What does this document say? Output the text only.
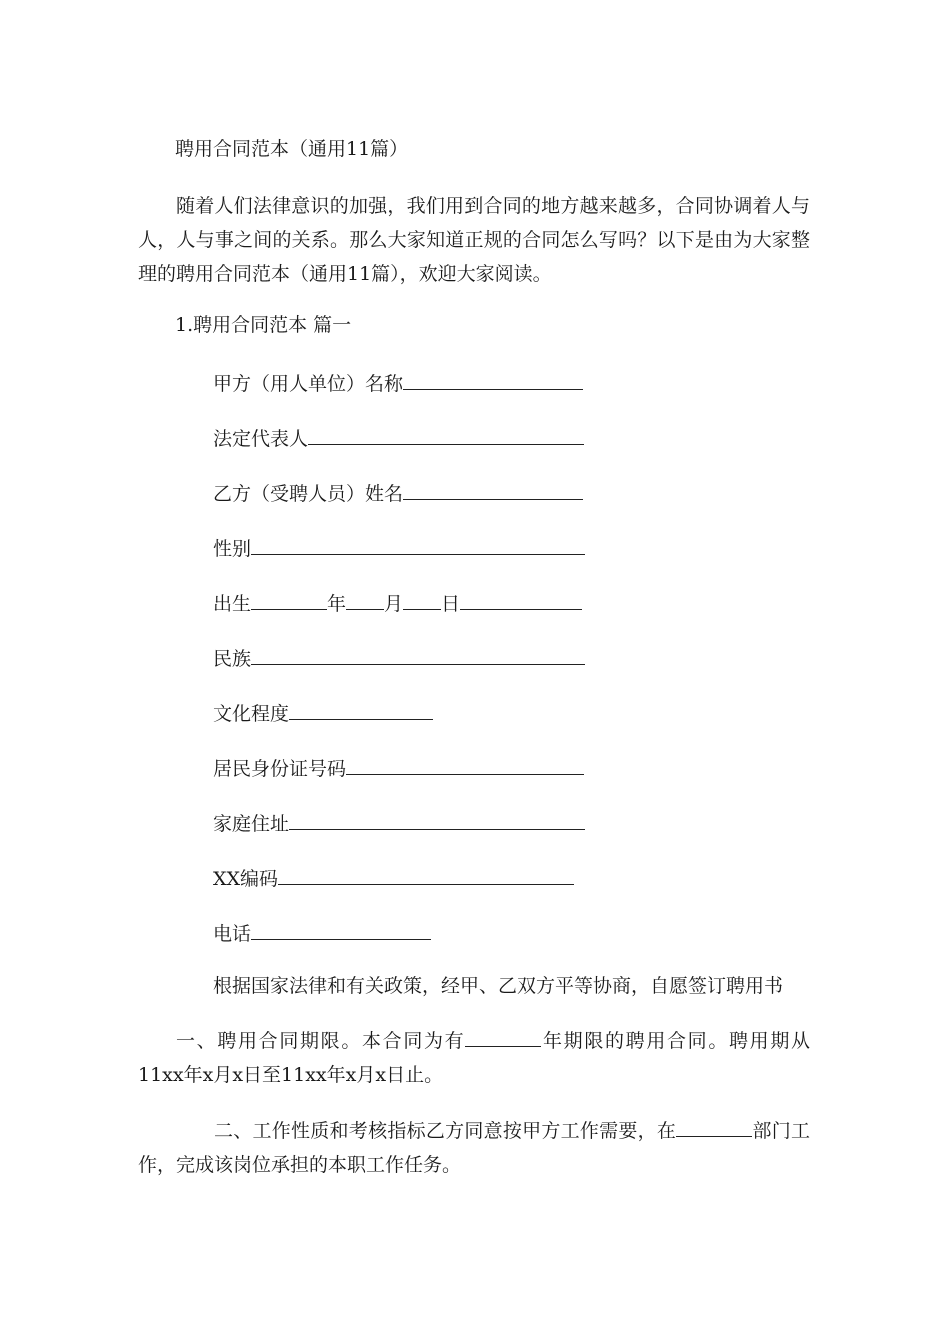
聘用合同范本（通用11篇）
随着人们法律意识的加强，我们用到合同的地方越来越多，合同协调着人与人，人与事之间的关系。那么大家知道正规的合同怎么写吗？以下是由为大家整理的聘用合同范本（通用11篇），欢迎大家阅读。
1.聘用合同范本 篇一
甲方（用人单位）名称
法定代表人
乙方（受聘人员）姓名
性别
出生	年 月 日
民族
文化程度
居民身份证号码
家庭住址
XX编码
电话
根据国家法律和有关政策，经甲、乙双方平等协商，自愿签订聘用书
一、聘用合同期限。本合同为有	年期限的聘用合同。聘用期从11xx年x月x日至11xx年x月x日止。
二、工作性质和考核指标乙方同意按甲方工作需要，在	部门工作，完成该岗位承担的本职工作任务。
